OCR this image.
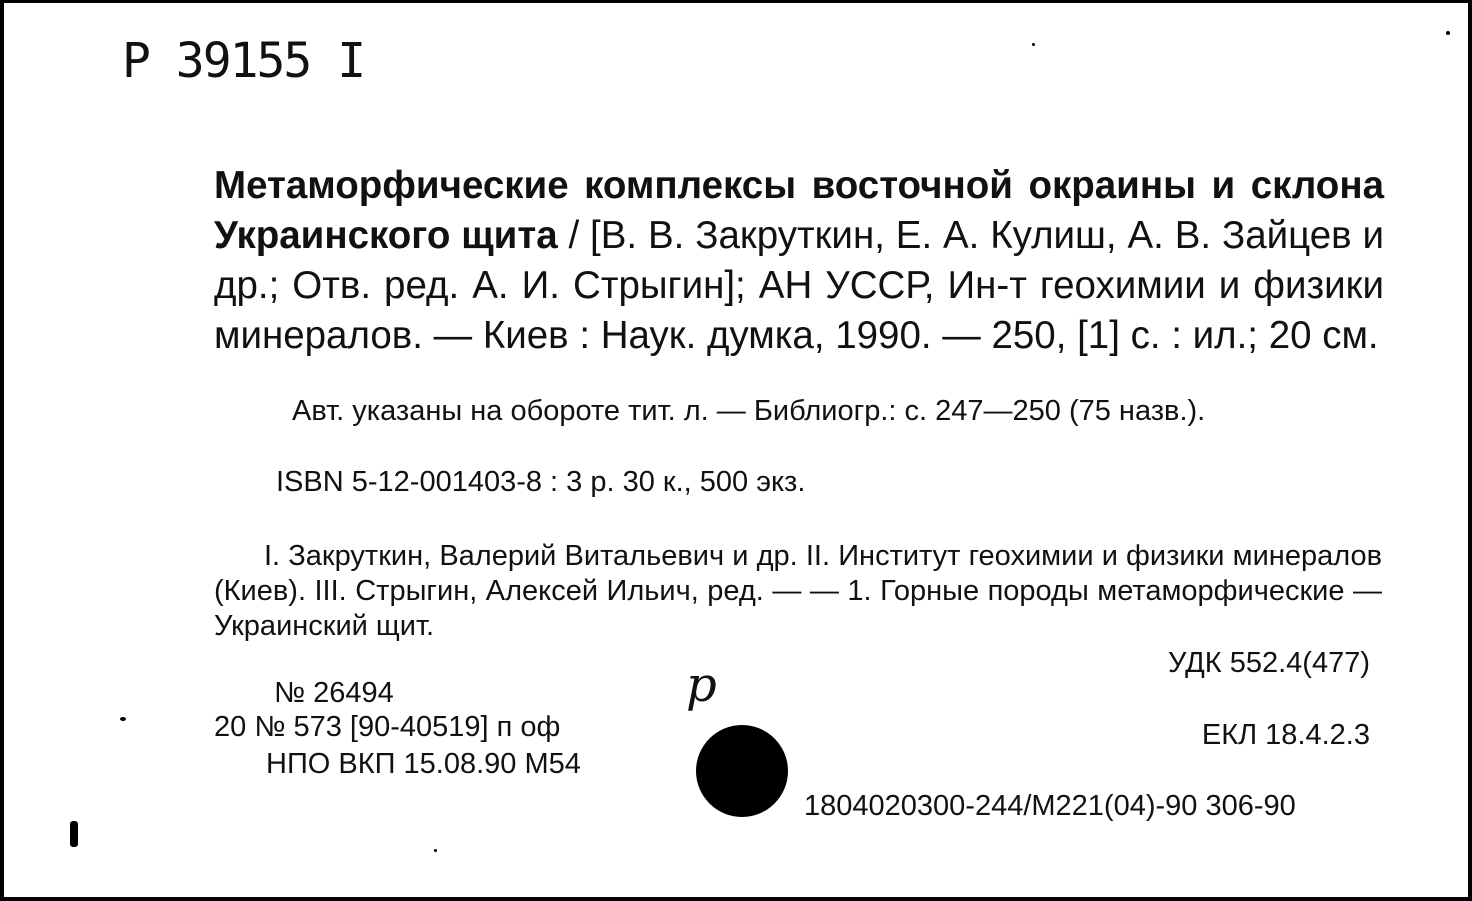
Р 39155 I
Метаморфические комплексы восточной окраины и склона Украинского щита / [В. В. Закруткин, Е. А. Кулиш, А. В. Зайцев и др.; Отв. ред. А. И. Стрыгин]; АН УССР, Ин-т геохимии и физики минералов. — Киев : Наук. думка, 1990. — 250, [1] с. : ил.; 20 см.
Авт. указаны на обороте тит. л. — Библиогр.: с. 247—250 (75 назв.).
ISBN 5-12-001403-8 : 3 р. 30 к., 500 экз.
I. Закруткин, Валерий Витальевич и др. II. Институт геохимии и физики минералов (Киев). III. Стрыгин, Алексей Ильич, ред. — — 1. Горные породы метаморфические — Украинский щит.
УДК 552.4(477)
№ 26494
20 № 573 [90-40519] п оф
НПО ВКП 15.08.90 М54
р
ЕКЛ 18.4.2.3
1804020300-244/М221(04)-90 306-90
